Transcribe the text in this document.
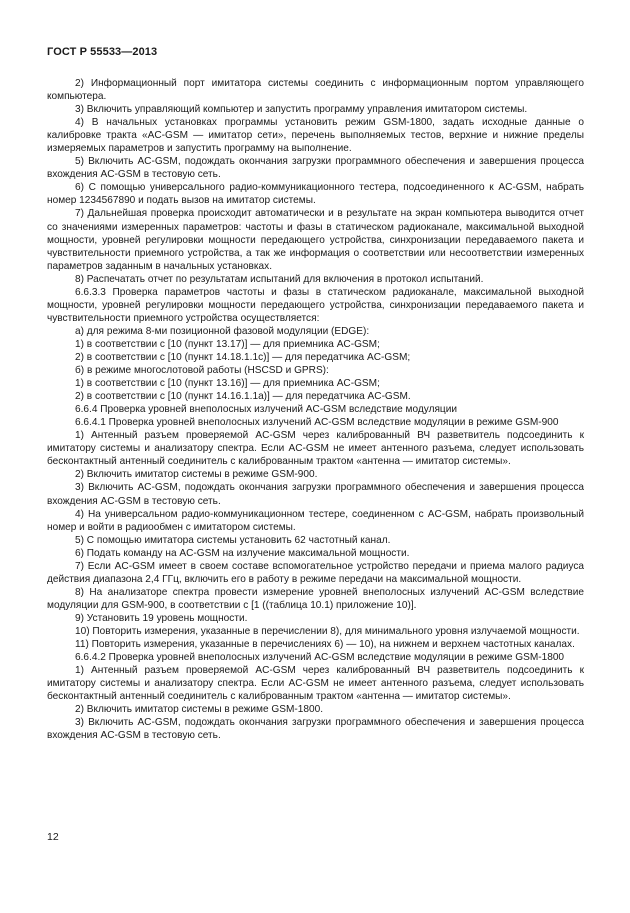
ГОСТ Р 55533—2013

2) Информационный порт имитатора системы соединить с информационным портом управляющего компьютера.

3) Включить управляющий компьютер и запустить программу управления имитатором системы.

4) В начальных установках программы установить режим GSM-1800, задать исходные данные о калибровке тракта «AC-GSM — имитатор сети», перечень выполняемых тестов, верхние и нижние пределы измеряемых параметров и запустить программу на выполнение.

5) Включить AC-GSM, подождать окончания загрузки программного обеспечения и завершения процесса вхождения AC-GSM в тестовую сеть.

6) С помощью универсального радио-коммуникационного тестера, подсоединенного к AC-GSM, набрать номер 1234567890 и подать вызов на имитатор системы.

7) Дальнейшая проверка происходит автоматически и в результате на экран компьютера выводится отчет со значениями измеренных параметров: частоты и фазы в статическом радиоканале, максимальной выходной мощности, уровней регулировки мощности передающего устройства, синхронизации передаваемого пакета и чувствительности приемного устройства, а так же информация о соответствии или несоответствии измеренных параметров заданным в начальных установках.

8) Распечатать отчет по результатам испытаний для включения в протокол испытаний.

6.6.3.3 Проверка параметров частоты и фазы в статическом радиоканале, максимальной выходной мощности, уровней регулировки мощности передающего устройства, синхронизации передаваемого пакета и чувствительности приемного устройства осуществляется:

а) для режима 8-ми позиционной фазовой модуляции (EDGE):

1) в соответствии с [10 (пункт 13.17)] — для приемника AC-GSM;

2) в соответствии с [10 (пункт 14.18.1.1c)] — для передатчика AC-GSM;

б) в режиме многослотовой работы (HSCSD и GPRS):

1) в соответствии с [10 (пункт 13.16)] — для приемника AC-GSM;

2) в соответствии с [10 (пункт 14.16.1.1a)] — для передатчика AC-GSM.

6.6.4 Проверка уровней внеполосных излучений AC-GSM вследствие модуляции

6.6.4.1 Проверка уровней внеполосных излучений AC-GSM вследствие модуляции в режиме GSM-900

1) Антенный разъем проверяемой AC-GSM через калиброванный ВЧ разветвитель подсоединить к имитатору системы и анализатору спектра. Если AC-GSM не имеет антенного разъема, следует использовать бесконтактный антенный соединитель с калиброванным трактом «антенна — имитатор системы».

2) Включить имитатор системы в режиме GSM-900.

3) Включить AC-GSM, подождать окончания загрузки программного обеспечения и завершения процесса вхождения AC-GSM в тестовую сеть.

4) На универсальном радио-коммуникационном тестере, соединенном с AC-GSM, набрать произвольный номер и войти в радиообмен с имитатором системы.

5) С помощью имитатора системы установить 62 частотный канал.

6) Подать команду на AC-GSM на излучение максимальной мощности.

7) Если AC-GSM имеет в своем составе вспомогательное устройство передачи и приема малого радиуса действия диапазона 2,4 ГГц, включить его в работу в режиме передачи на максимальной мощности.

8) На анализаторе спектра провести измерение уровней внеполосных излучений AC-GSM вследствие модуляции для GSM-900, в соответствии с [1 ((таблица 10.1) приложение 10)].

9) Установить 19 уровень мощности.

10) Повторить измерения, указанные в перечислении 8), для минимального уровня излучаемой мощности.

11) Повторить измерения, указанные в перечислениях 6) — 10), на нижнем и верхнем частотных каналах.

6.6.4.2 Проверка уровней внеполосных излучений AC-GSM вследствие модуляции в режиме GSM-1800

1) Антенный разъем проверяемой AC-GSM через калиброванный ВЧ разветвитель подсоединить к имитатору системы и анализатору спектра. Если AC-GSM не имеет антенного разъема, следует использовать бесконтактный антенный соединитель с калиброванным трактом «антенна — имитатор системы».

2) Включить имитатор системы в режиме GSM-1800.

3) Включить AC-GSM, подождать окончания загрузки программного обеспечения и завершения процесса вхождения AC-GSM в тестовую сеть.

12
